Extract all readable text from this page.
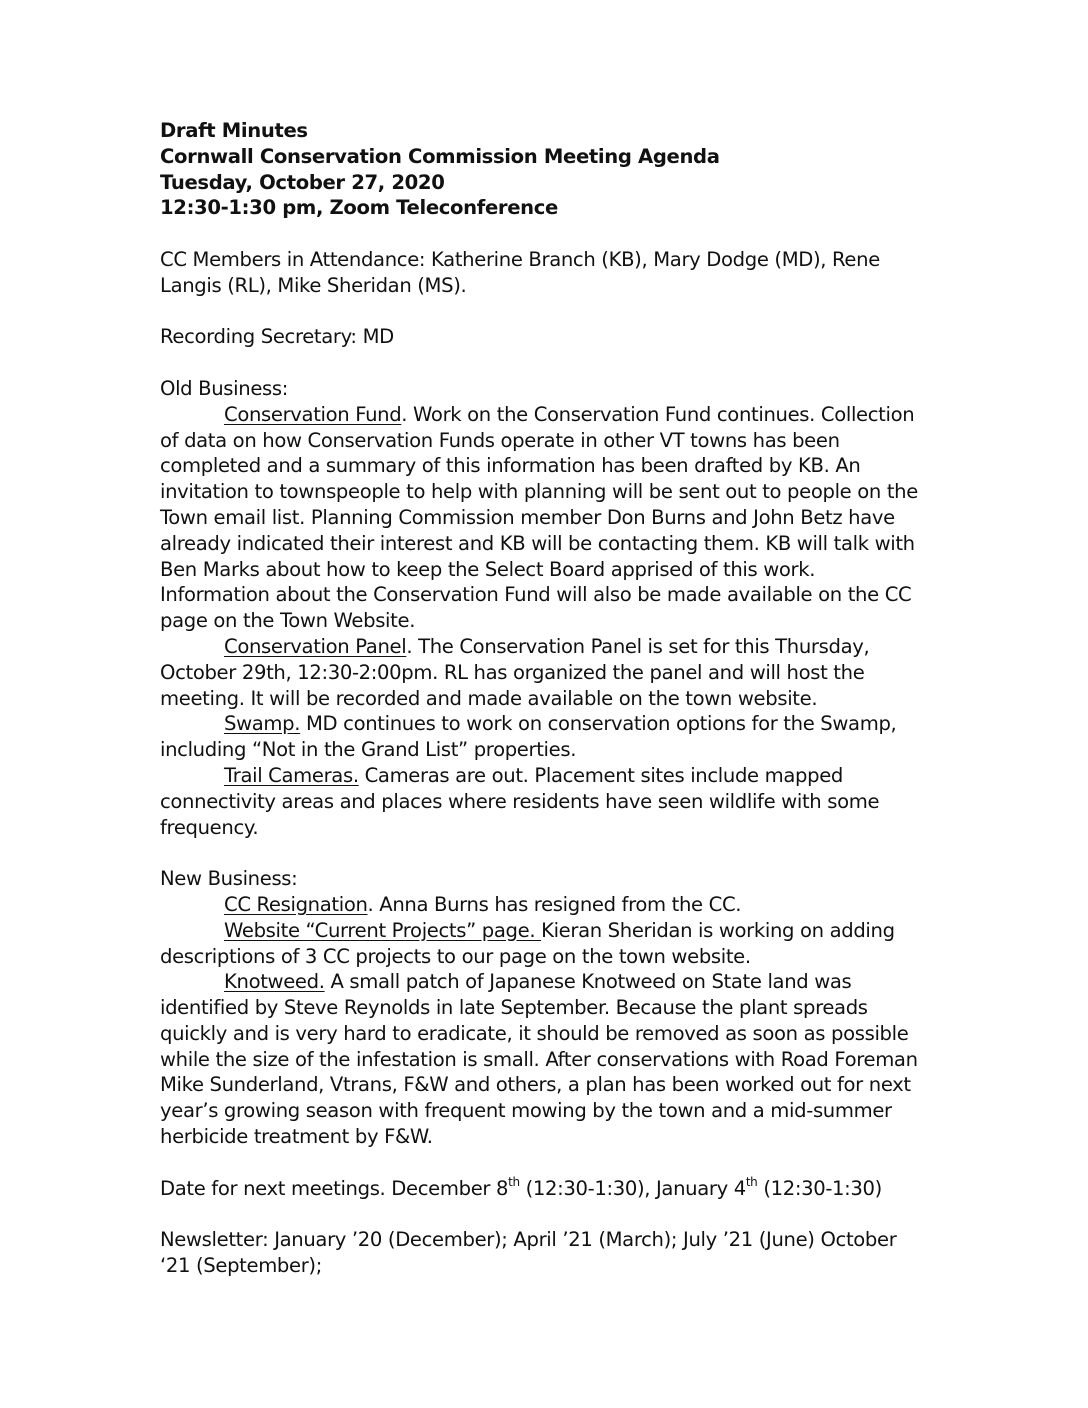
Draft Minutes
Cornwall Conservation Commission Meeting Agenda
Tuesday, October 27, 2020
12:30-1:30 pm, Zoom Teleconference

CC Members in Attendance: Katherine Branch (KB), Mary Dodge (MD), Rene Langis (RL), Mike Sheridan (MS).

Recording Secretary: MD

Old Business:

Conservation Fund. Work on the Conservation Fund continues. Collection of data on how Conservation Funds operate in other VT towns has been completed and a summary of this information has been drafted by KB. An invitation to townspeople to help with planning will be sent out to people on the Town email list. Planning Commission member Don Burns and John Betz have already indicated their interest and KB will be contacting them. KB will talk with Ben Marks about how to keep the Select Board apprised of this work. Information about the Conservation Fund will also be made available on the CC page on the Town Website.

Conservation Panel. The Conservation Panel is set for this Thursday, October 29th, 12:30-2:00pm. RL has organized the panel and will host the meeting. It will be recorded and made available on the town website.

Swamp. MD continues to work on conservation options for the Swamp, including “Not in the Grand List” properties.

Trail Cameras. Cameras are out. Placement sites include mapped connectivity areas and places where residents have seen wildlife with some frequency.

New Business:

CC Resignation. Anna Burns has resigned from the CC.

Website “Current Projects” page. Kieran Sheridan is working on adding descriptions of 3 CC projects to our page on the town website.

Knotweed. A small patch of Japanese Knotweed on State land was identified by Steve Reynolds in late September. Because the plant spreads quickly and is very hard to eradicate, it should be removed as soon as possible while the size of the infestation is small. After conservations with Road Foreman Mike Sunderland, Vtrans, F&W and others, a plan has been worked out for next year’s growing season with frequent mowing by the town and a mid-summer herbicide treatment by F&W.

Date for next meetings. December 8th (12:30-1:30), January 4th (12:30-1:30)

Newsletter: January ’20 (December); April ’21 (March); July ’21 (June) October ‘21 (September);
